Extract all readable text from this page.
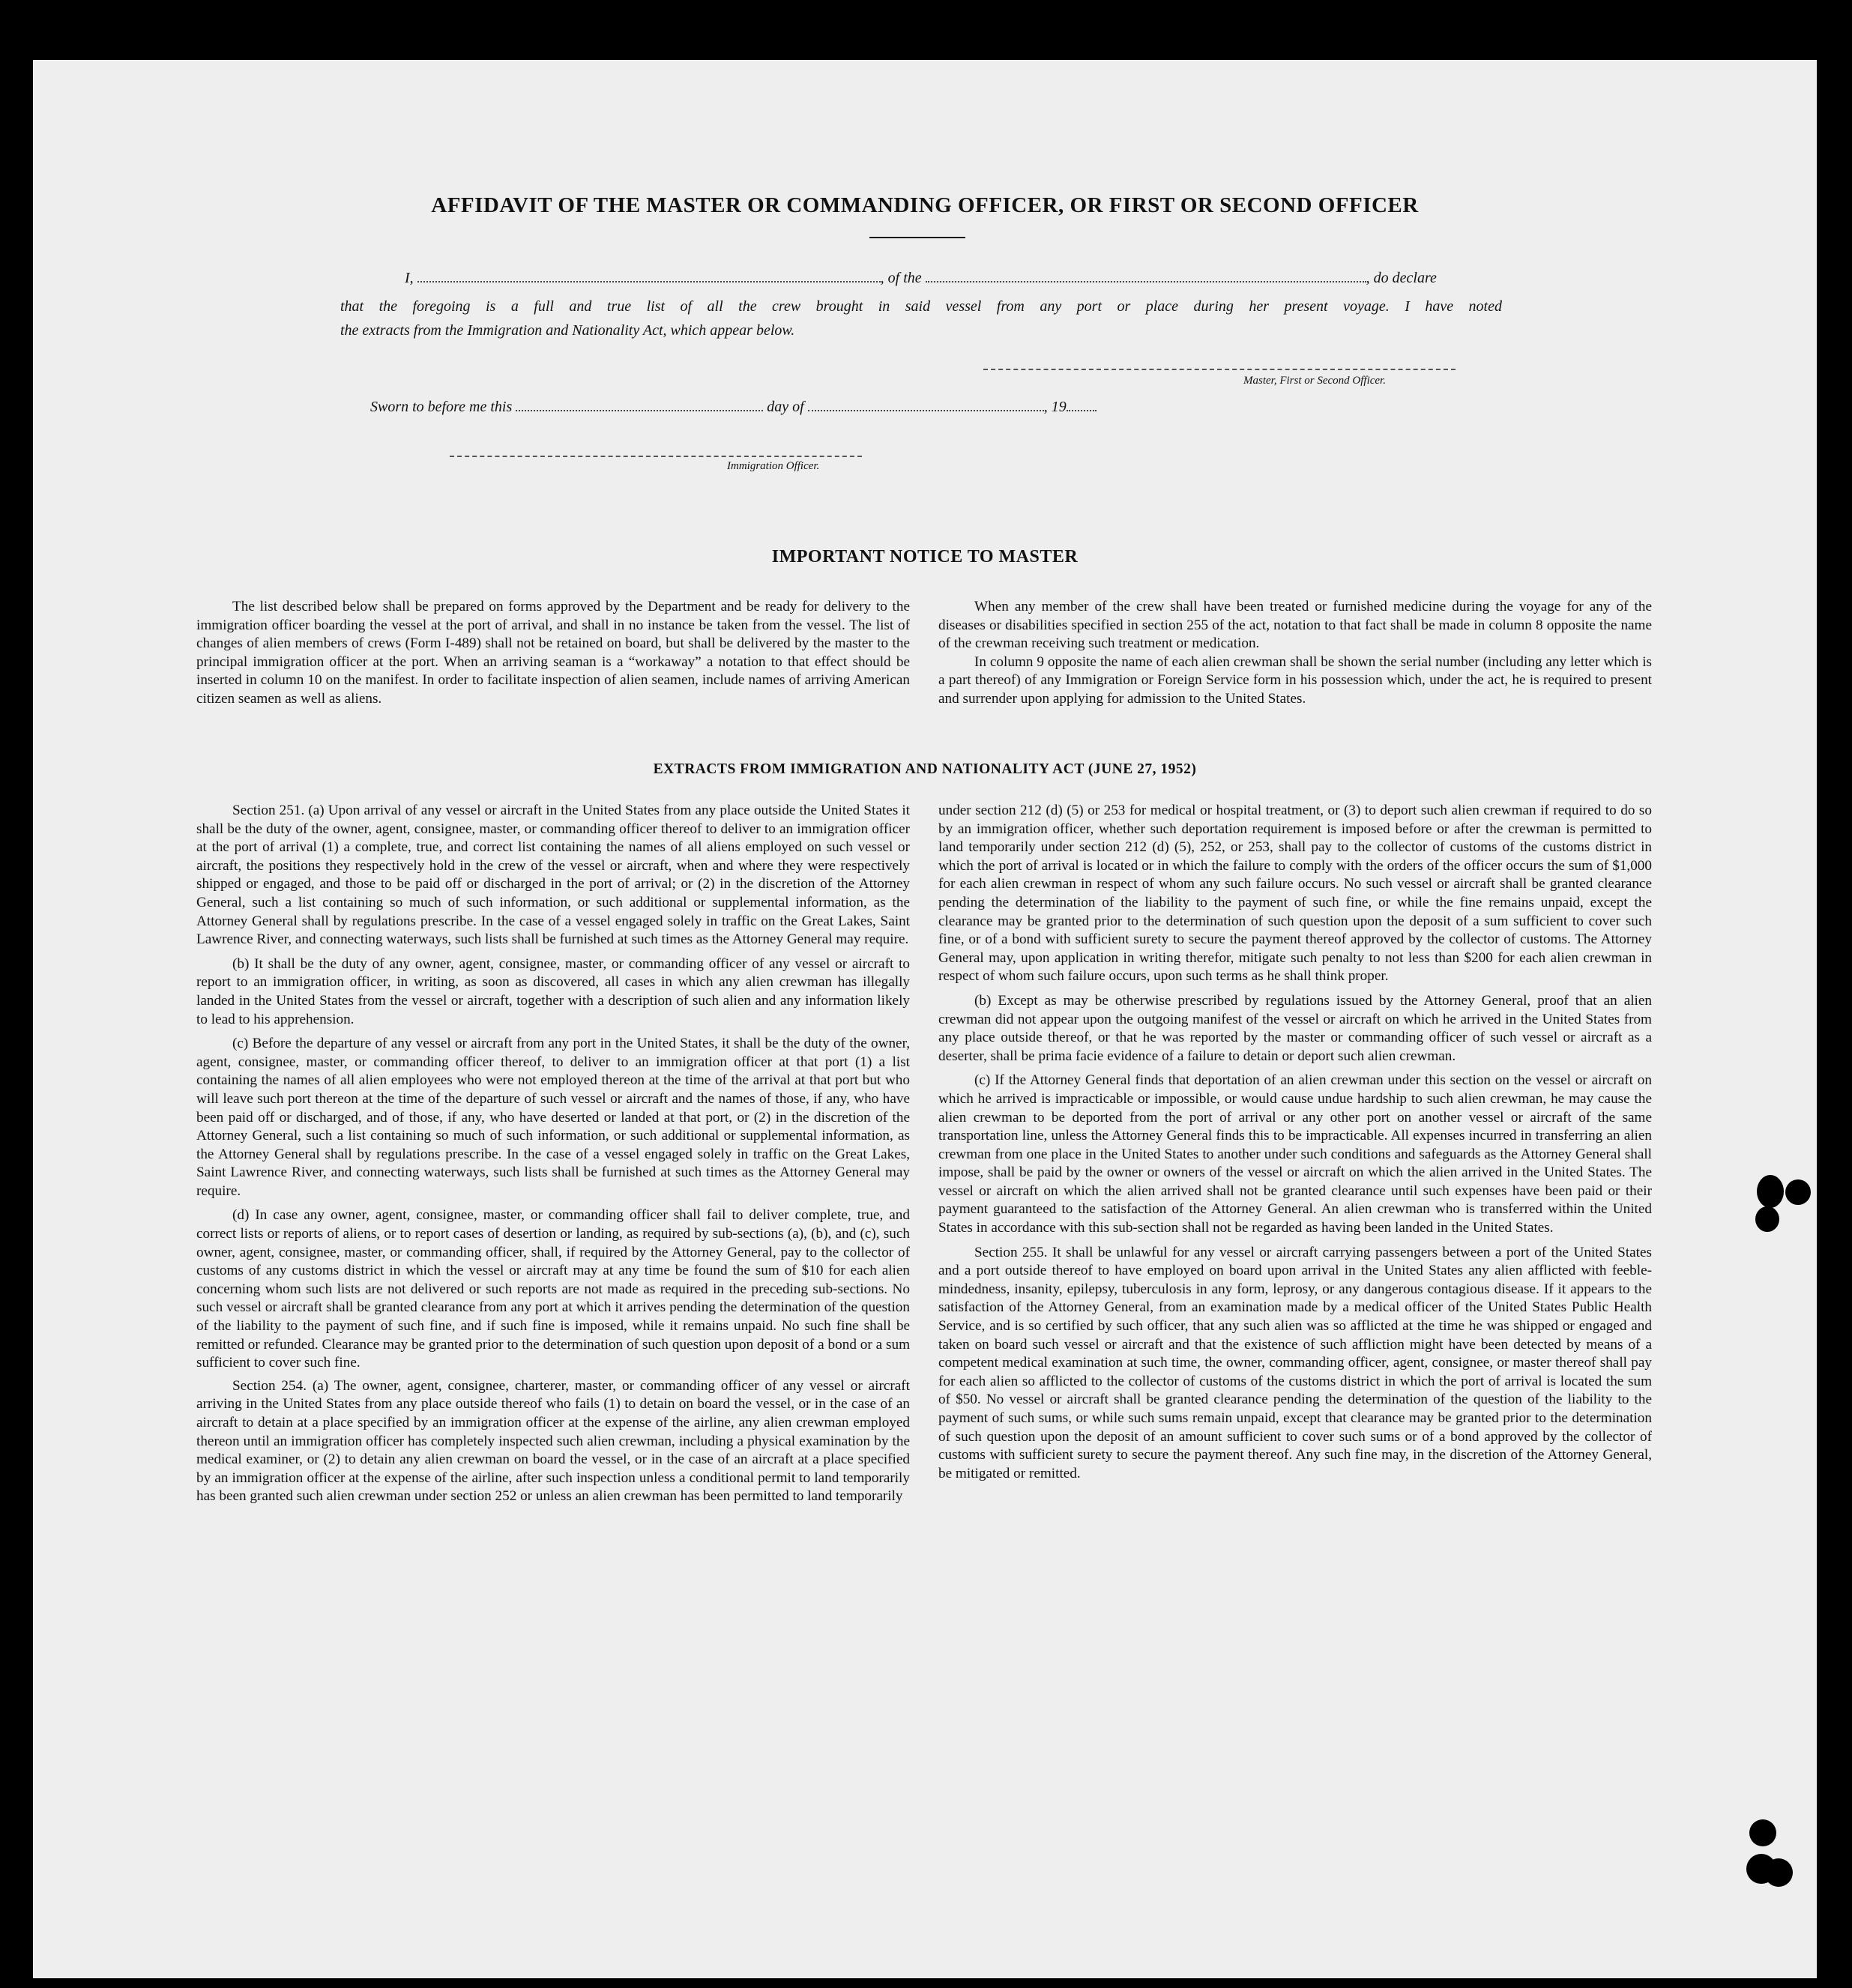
AFFIDAVIT OF THE MASTER OR COMMANDING OFFICER, OR FIRST OR SECOND OFFICER
I,	, of the	, do declare
that the foregoing is a full and true list of all the crew brought in said vessel from any port or place during her present voyage. I have noted
the extracts from the Immigration and Nationality Act, which appear below.
Master, First or Second Officer.
Sworn to before me this	day of	, 19
Immigration Officer.
IMPORTANT NOTICE TO MASTER

The list described below shall be prepared on forms approved by the Department and be ready for delivery to the immigration officer boarding the vessel at the port of arrival, and shall in no instance be taken from the vessel. The list of changes of alien members of crews (Form I-489) shall not be retained on board, but shall be delivered by the master to the principal immigration officer at the port. When an arriving seaman is a “workaway” a notation to that effect should be inserted in column 10 on the manifest. In order to facilitate inspection of alien seamen, include names of arriving American citizen seamen as well as aliens.

When any member of the crew shall have been treated or furnished medicine during the voyage for any of the diseases or disabilities specified in section 255 of the act, notation to that fact shall be made in column 8 opposite the name of the crewman receiving such treatment or medication.

In column 9 opposite the name of each alien crewman shall be shown the serial number (including any letter which is a part thereof) of any Immigration or Foreign Service form in his possession which, under the act, he is required to present and surrender upon applying for admission to the United States.

EXTRACTS FROM IMMIGRATION AND NATIONALITY ACT (JUNE 27, 1952)

Section 251. (a) Upon arrival of any vessel or aircraft in the United States from any place outside the United States it shall be the duty of the owner, agent, consignee, master, or commanding officer thereof to deliver to an immigration officer at the port of arrival (1) a complete, true, and correct list containing the names of all aliens employed on such vessel or aircraft, the positions they respectively hold in the crew of the vessel or aircraft, when and where they were respectively shipped or engaged, and those to be paid off or discharged in the port of arrival; or (2) in the discretion of the Attorney General, such a list containing so much of such information, or such additional or supplemental information, as the Attorney General shall by regulations prescribe. In the case of a vessel engaged solely in traffic on the Great Lakes, Saint Lawrence River, and connecting waterways, such lists shall be furnished at such times as the Attorney General may require.

(b) It shall be the duty of any owner, agent, consignee, master, or commanding officer of any vessel or aircraft to report to an immigration officer, in writing, as soon as discovered, all cases in which any alien crewman has illegally landed in the United States from the vessel or aircraft, together with a description of such alien and any information likely to lead to his apprehension.

(c) Before the departure of any vessel or aircraft from any port in the United States, it shall be the duty of the owner, agent, consignee, master, or commanding officer thereof, to deliver to an immigration officer at that port (1) a list containing the names of all alien employees who were not employed thereon at the time of the arrival at that port but who will leave such port thereon at the time of the departure of such vessel or aircraft and the names of those, if any, who have been paid off or discharged, and of those, if any, who have deserted or landed at that port, or (2) in the discretion of the Attorney General, such a list containing so much of such information, or such additional or supplemental information, as the Attorney General shall by regulations prescribe. In the case of a vessel engaged solely in traffic on the Great Lakes, Saint Lawrence River, and connecting waterways, such lists shall be furnished at such times as the Attorney General may require.

(d) In case any owner, agent, consignee, master, or commanding officer shall fail to deliver complete, true, and correct lists or reports of aliens, or to report cases of desertion or landing, as required by sub-sections (a), (b), and (c), such owner, agent, consignee, master, or commanding officer, shall, if required by the Attorney General, pay to the collector of customs of any customs district in which the vessel or aircraft may at any time be found the sum of $10 for each alien concerning whom such lists are not delivered or such reports are not made as required in the preceding sub-sections. No such vessel or aircraft shall be granted clearance from any port at which it arrives pending the determination of the question of the liability to the payment of such fine, and if such fine is imposed, while it remains unpaid. No such fine shall be remitted or refunded. Clearance may be granted prior to the determination of such question upon deposit of a bond or a sum sufficient to cover such fine.

Section 254. (a) The owner, agent, consignee, charterer, master, or commanding officer of any vessel or aircraft arriving in the United States from any place outside thereof who fails (1) to detain on board the vessel, or in the case of an aircraft to detain at a place specified by an immigration officer at the expense of the airline, any alien crewman employed thereon until an immigration officer has completely inspected such alien crewman, including a physical examination by the medical examiner, or (2) to detain any alien crewman on board the vessel, or in the case of an aircraft at a place specified by an immigration officer at the expense of the airline, after such inspection unless a conditional permit to land temporarily has been granted such alien crewman under section 252 or unless an alien crewman has been permitted to land temporarily

under section 212 (d) (5) or 253 for medical or hospital treatment, or (3) to deport such alien crewman if required to do so by an immigration officer, whether such deportation requirement is imposed before or after the crewman is permitted to land temporarily under section 212 (d) (5), 252, or 253, shall pay to the collector of customs of the customs district in which the port of arrival is located or in which the failure to comply with the orders of the officer occurs the sum of $1,000 for each alien crewman in respect of whom any such failure occurs. No such vessel or aircraft shall be granted clearance pending the determination of the liability to the payment of such fine, or while the fine remains unpaid, except the clearance may be granted prior to the determination of such question upon the deposit of a sum sufficient to cover such fine, or of a bond with sufficient surety to secure the payment thereof approved by the collector of customs. The Attorney General may, upon application in writing therefor, mitigate such penalty to not less than $200 for each alien crewman in respect of whom such failure occurs, upon such terms as he shall think proper.

(b) Except as may be otherwise prescribed by regulations issued by the Attorney General, proof that an alien crewman did not appear upon the outgoing manifest of the vessel or aircraft on which he arrived in the United States from any place outside thereof, or that he was reported by the master or commanding officer of such vessel or aircraft as a deserter, shall be prima facie evidence of a failure to detain or deport such alien crewman.

(c) If the Attorney General finds that deportation of an alien crewman under this section on the vessel or aircraft on which he arrived is impracticable or impossible, or would cause undue hardship to such alien crewman, he may cause the alien crewman to be deported from the port of arrival or any other port on another vessel or aircraft of the same transportation line, unless the Attorney General finds this to be impracticable. All expenses incurred in transferring an alien crewman from one place in the United States to another under such conditions and safeguards as the Attorney General shall impose, shall be paid by the owner or owners of the vessel or aircraft on which the alien arrived in the United States. The vessel or aircraft on which the alien arrived shall not be granted clearance until such expenses have been paid or their payment guaranteed to the satisfaction of the Attorney General. An alien crewman who is transferred within the United States in accordance with this sub-section shall not be regarded as having been landed in the United States.

Section 255. It shall be unlawful for any vessel or aircraft carrying passengers between a port of the United States and a port outside thereof to have employed on board upon arrival in the United States any alien afflicted with feeble-mindedness, insanity, epilepsy, tuberculosis in any form, leprosy, or any dangerous contagious disease. If it appears to the satisfaction of the Attorney General, from an examination made by a medical officer of the United States Public Health Service, and is so certified by such officer, that any such alien was so afflicted at the time he was shipped or engaged and taken on board such vessel or aircraft and that the existence of such affliction might have been detected by means of a competent medical examination at such time, the owner, commanding officer, agent, consignee, or master thereof shall pay for each alien so afflicted to the collector of customs of the customs district in which the port of arrival is located the sum of $50. No vessel or aircraft shall be granted clearance pending the determination of the question of the liability to the payment of such sums, or while such sums remain unpaid, except that clearance may be granted prior to the determination of such question upon the deposit of an amount sufficient to cover such sums or of a bond approved by the collector of customs with sufficient surety to secure the payment thereof. Any such fine may, in the discretion of the Attorney General, be mitigated or remitted.
